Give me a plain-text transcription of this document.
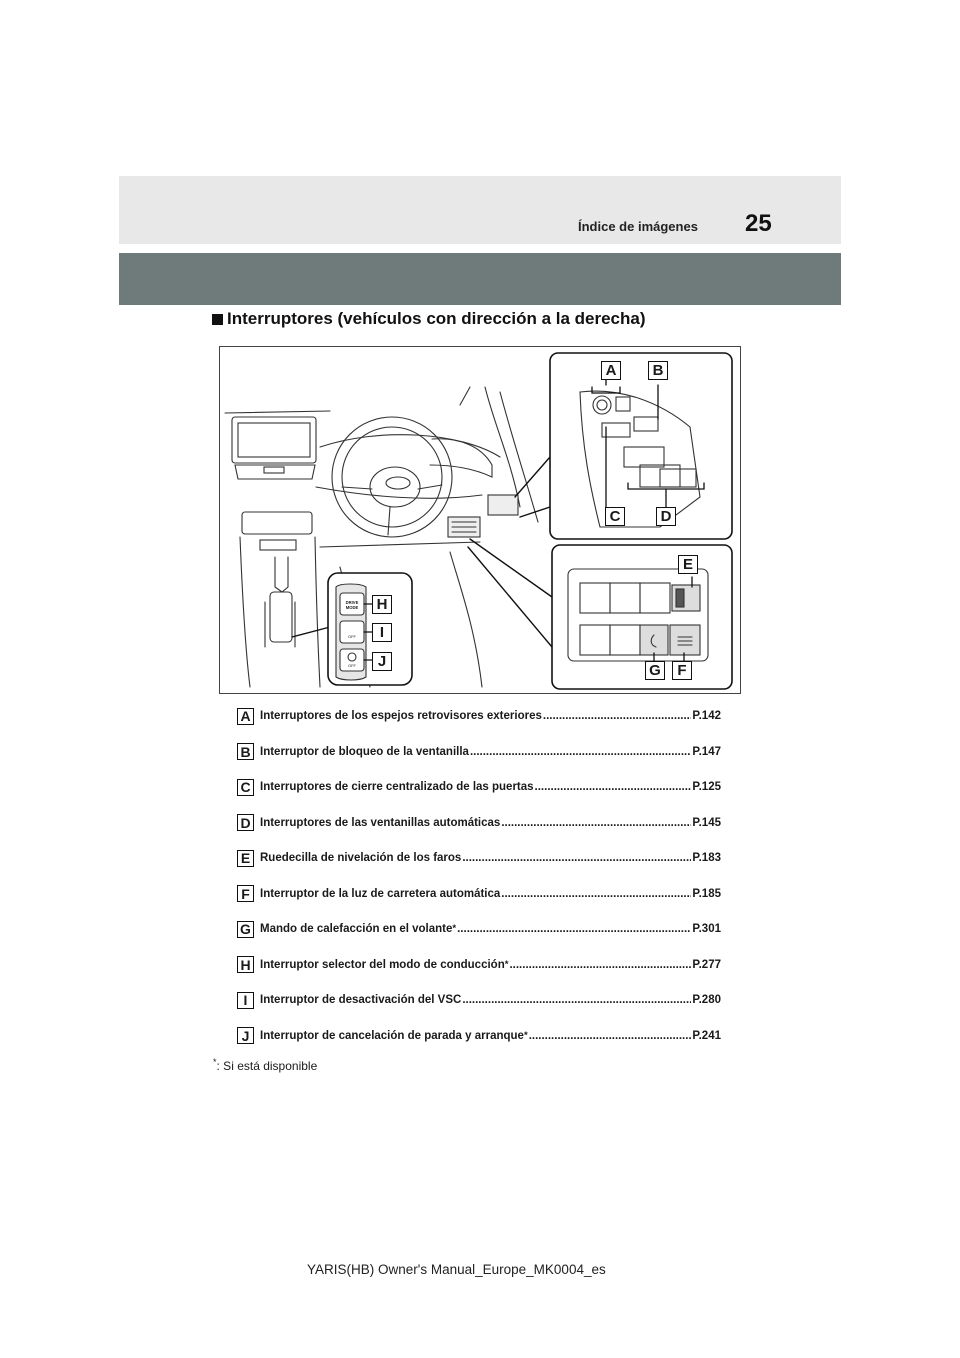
Índice de imágenes 25
Interruptores (vehículos con dirección a la derecha)
DRIVE
MODE
OFF
OFF
A	B
C	D
E
F
G
H
I
J
A Interruptores de los espejos retrovisores exteriores .....	P.142
B Interruptor de bloqueo de la ventanilla .....	P.147
C Interruptores de cierre centralizado de las puertas .....	P.125
D Interruptores de las ventanillas automáticas .....	P.145
E Ruedecilla de nivelación de los faros .....	P.183
F Interruptor de la luz de carretera automática .....	P.185
G Mando de calefacción en el volante * .....	P.301
H Interruptor selector del modo de conducción * .....	P.277
I	Interruptor de desactivación del VSC .....	P.280
J Interruptor de cancelación de parada y arranque * .....	P.241
*: Si está disponible
YARIS(HB) Owner's Manual_Europe_MK0004_es
